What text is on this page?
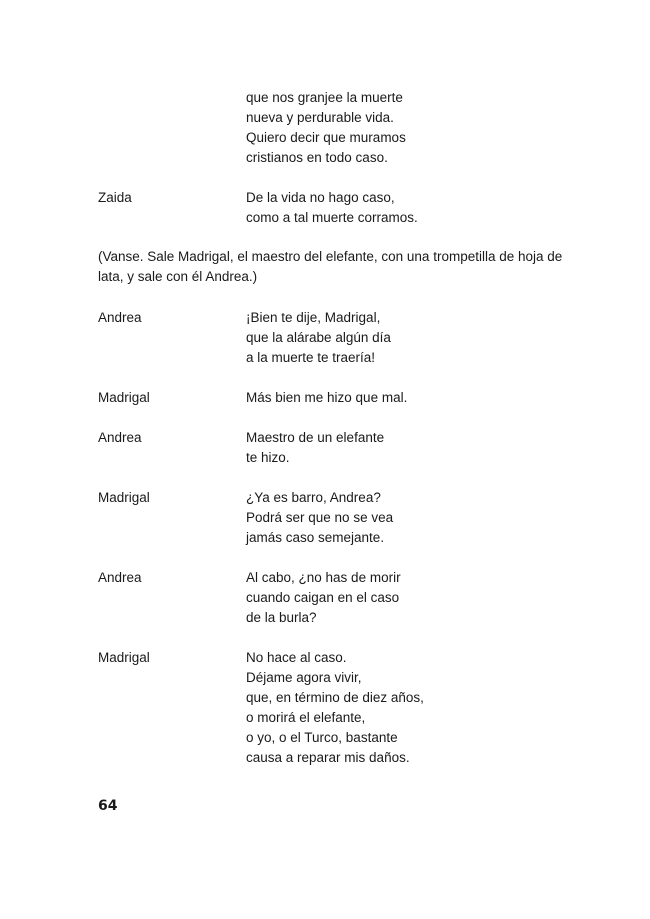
que nos granjee la muerte
nueva y perdurable vida.
Quiero decir que muramos
cristianos en todo caso.
Zaida	De la vida no hago caso,
como a tal muerte corramos.
(Vanse. Sale Madrigal, el maestro del elefante, con una trompetilla de hoja de lata, y sale con él Andrea.)
Andrea	¡Bien te dije, Madrigal,
que la alárabe algún día
a la muerte te traería!
Madrigal	Más bien me hizo que mal.
Andrea	Maestro de un elefante
te hizo.
Madrigal	¿Ya es barro, Andrea?
Podrá ser que no se vea
jamás caso semejante.
Andrea	Al cabo, ¿no has de morir
cuando caigan en el caso
de la burla?
Madrigal	No hace al caso.
Déjame agora vivir,
que, en término de diez años,
o morirá el elefante,
o yo, o el Turco, bastante
causa a reparar mis daños.
64
